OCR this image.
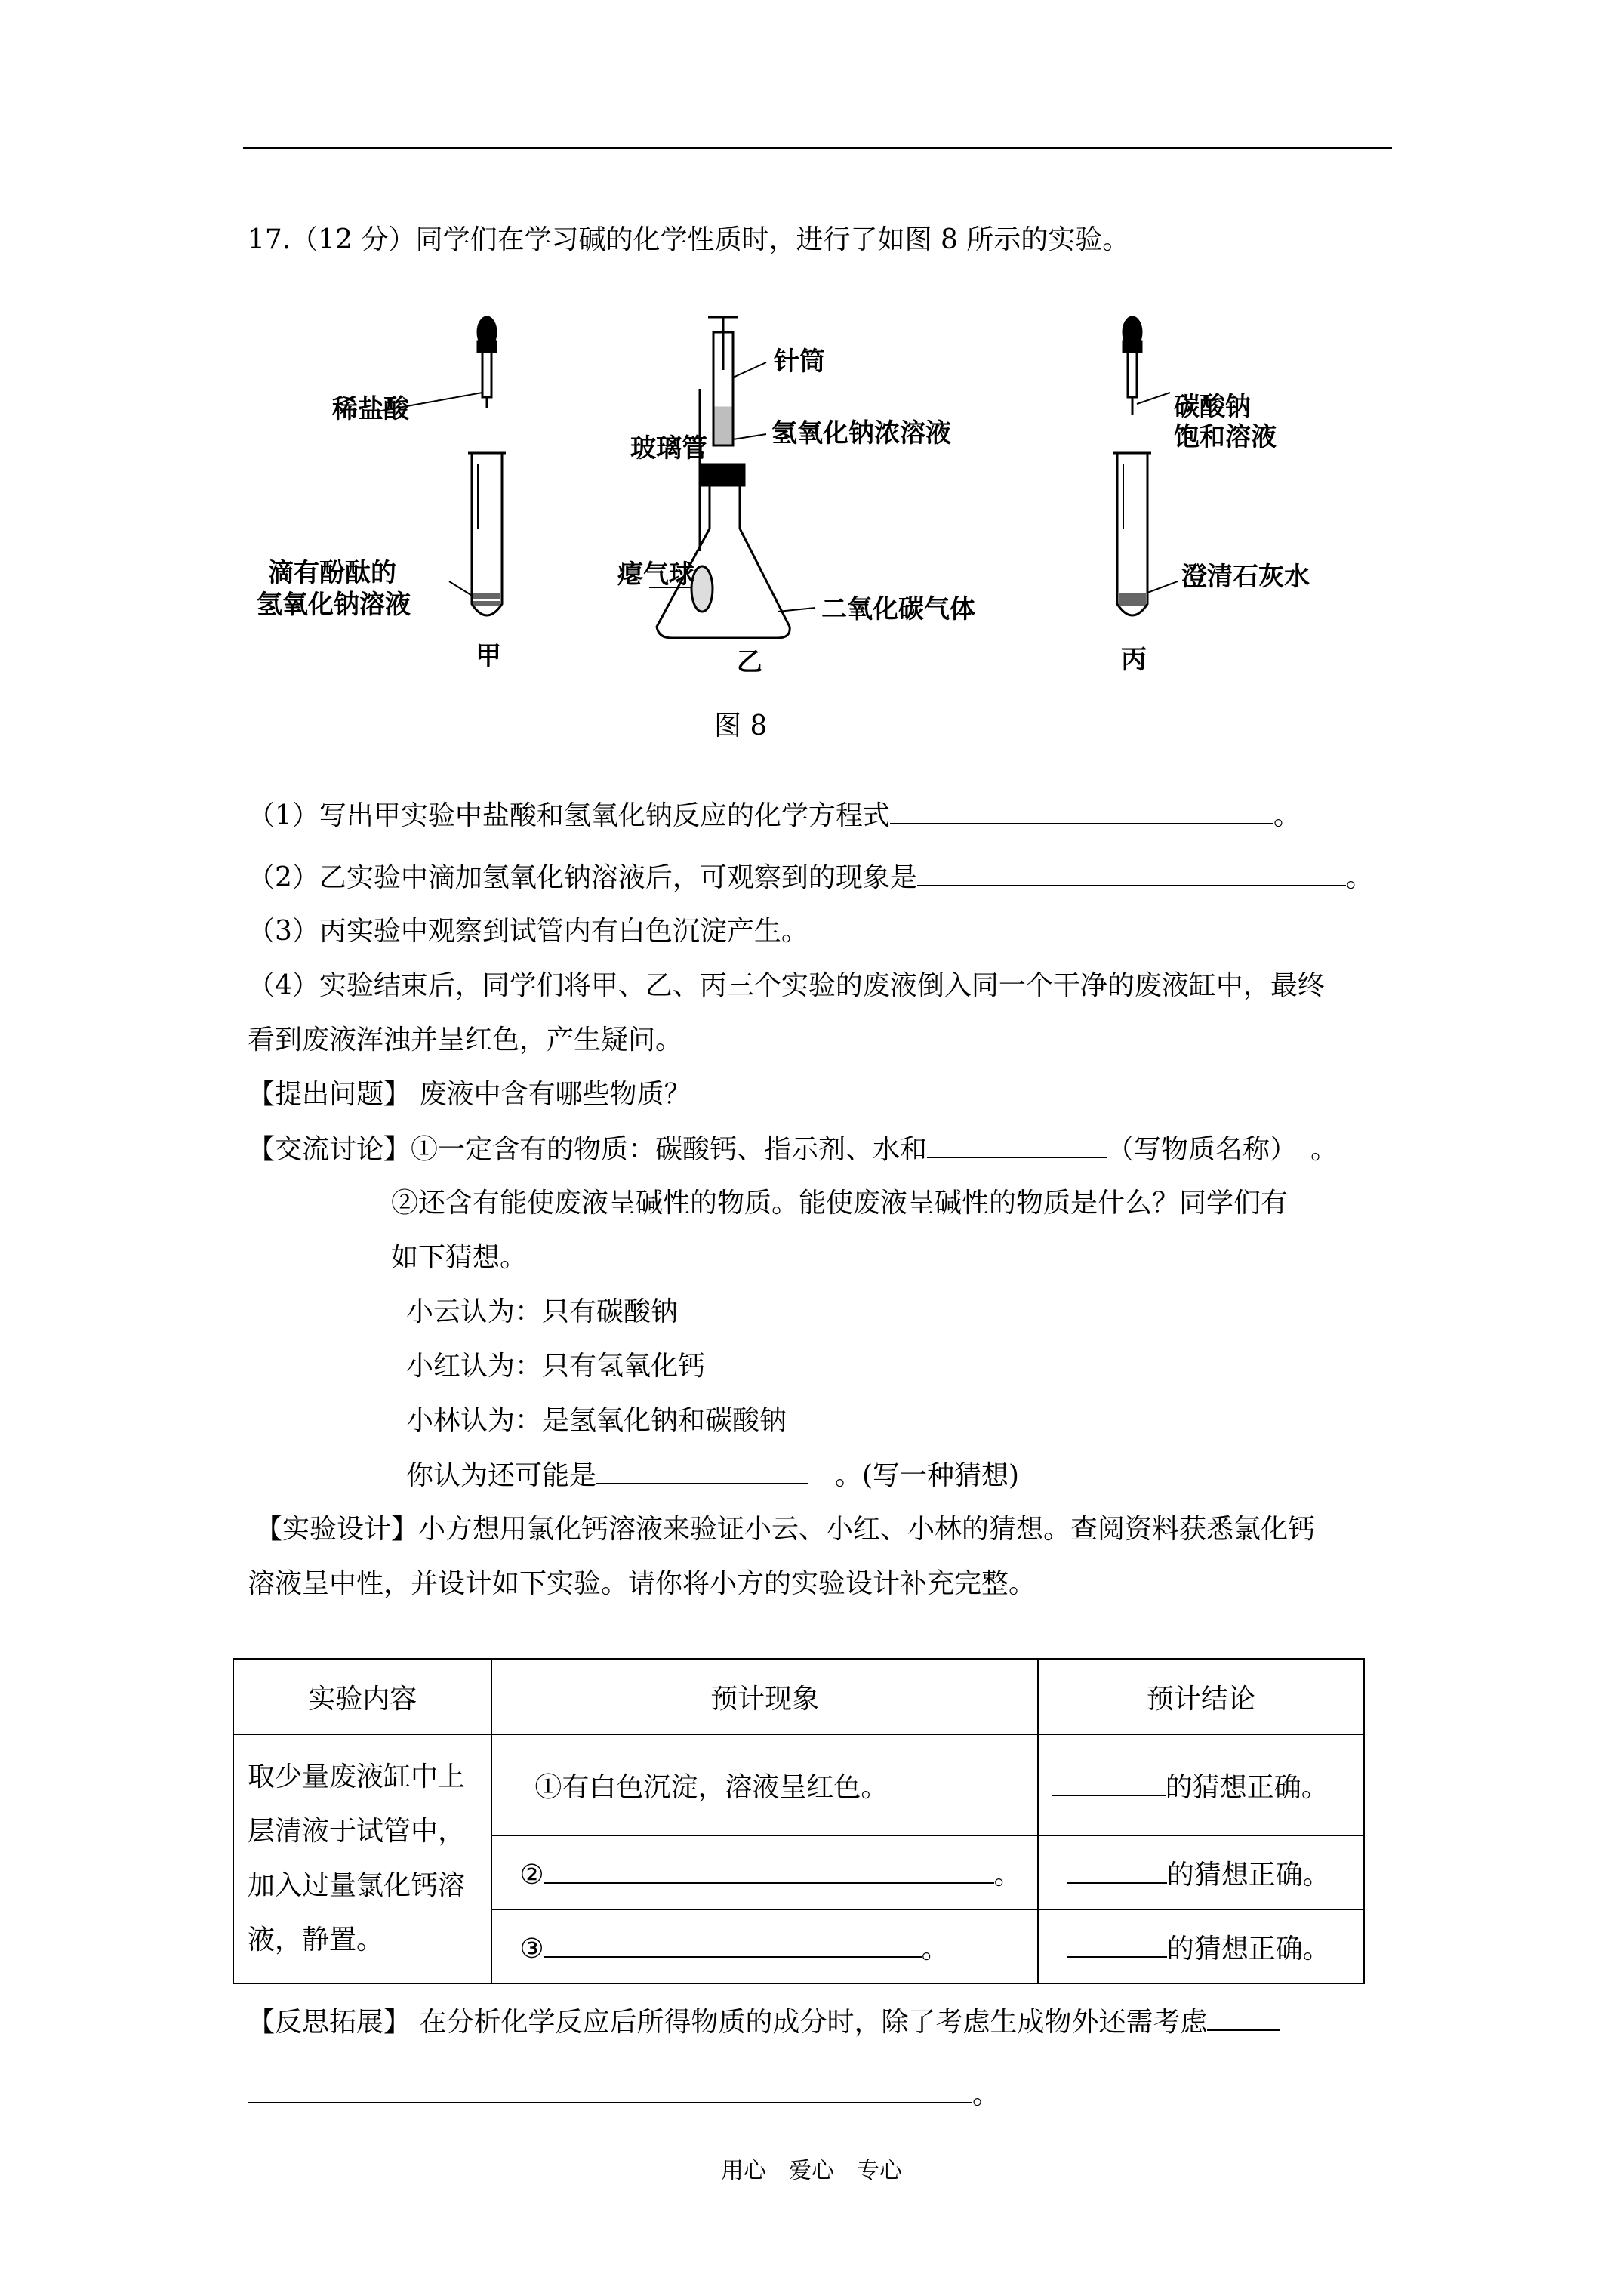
17.（12 分）同学们在学习碱的化学性质时，进行了如图 8 所示的实验。
稀盐酸
滴有酚酞的
氢氧化钠溶液
甲
针筒
玻璃管	氢氧化钠浓溶液
瘪气球
二氧化碳气体
乙
碳酸钠
饱和溶液
澄清石灰水
丙
图 8
（1）写出甲实验中盐酸和氢氧化钠反应的化学方程式	。
（2）乙实验中滴加氢氧化钠溶液后，可观察到的现象是	。
（3）丙实验中观察到试管内有白色沉淀产生。
（4）实验结束后，同学们将甲、乙、丙三个实验的废液倒入同一个干净的废液缸中，最终
看到废液浑浊并呈红色，产生疑问。
【提出问题】 废液中含有哪些物质？
【交流讨论】①一定含有的物质：碳酸钙、指示剂、水和	（写物质名称）　。
②还含有能使废液呈碱性的物质。能使废液呈碱性的物质是什么？同学们有
如下猜想。
小云认为：只有碳酸钠
小红认为：只有氢氧化钙
小林认为：是氢氧化钠和碳酸钠
你认为还可能是	　。(写一种猜想)
【实验设计】小方想用氯化钙溶液来验证小云、小红、小林的猜想。查阅资料获悉氯化钙
溶液呈中性，并设计如下实验。请你将小方的实验设计补充完整。
实验内容	预计现象	预计结论

取少量废液缸中上
层清液于试管中，
加入过量氯化钙溶
液，静置。	①有白色沉淀，溶液呈红色。	的猜想正确。
	② 。	的猜想正确。
	③ 。	的猜想正确。
【反思拓展】 在分析化学反应后所得物质的成分时，除了考虑生成物外还需考虑
。
用心　爱心　专心
